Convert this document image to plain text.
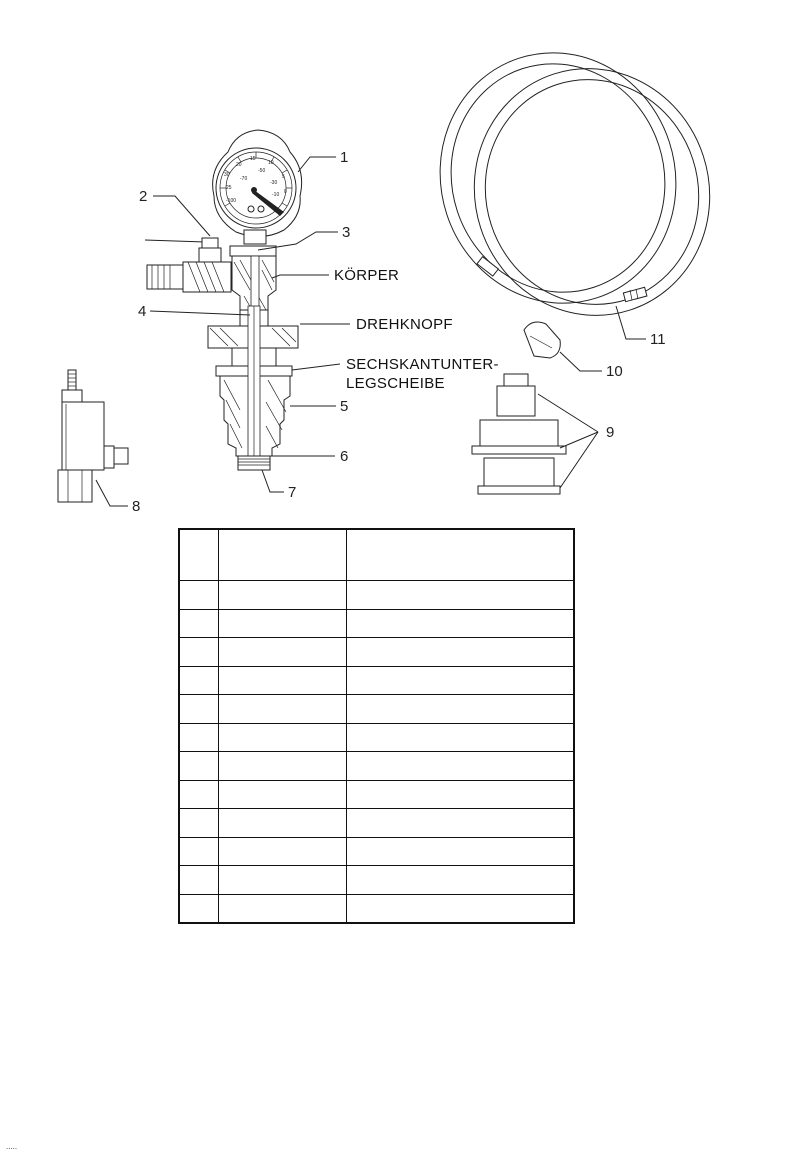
20
15
10
5
0
-10
-30
-50
-70
-100
30
25
1
2
3
4
5
6
7
8
9
10
11
KÖRPER
DREHKNOPF
SECHSKANTUNTER-
LEGSCHEIBE

.....
